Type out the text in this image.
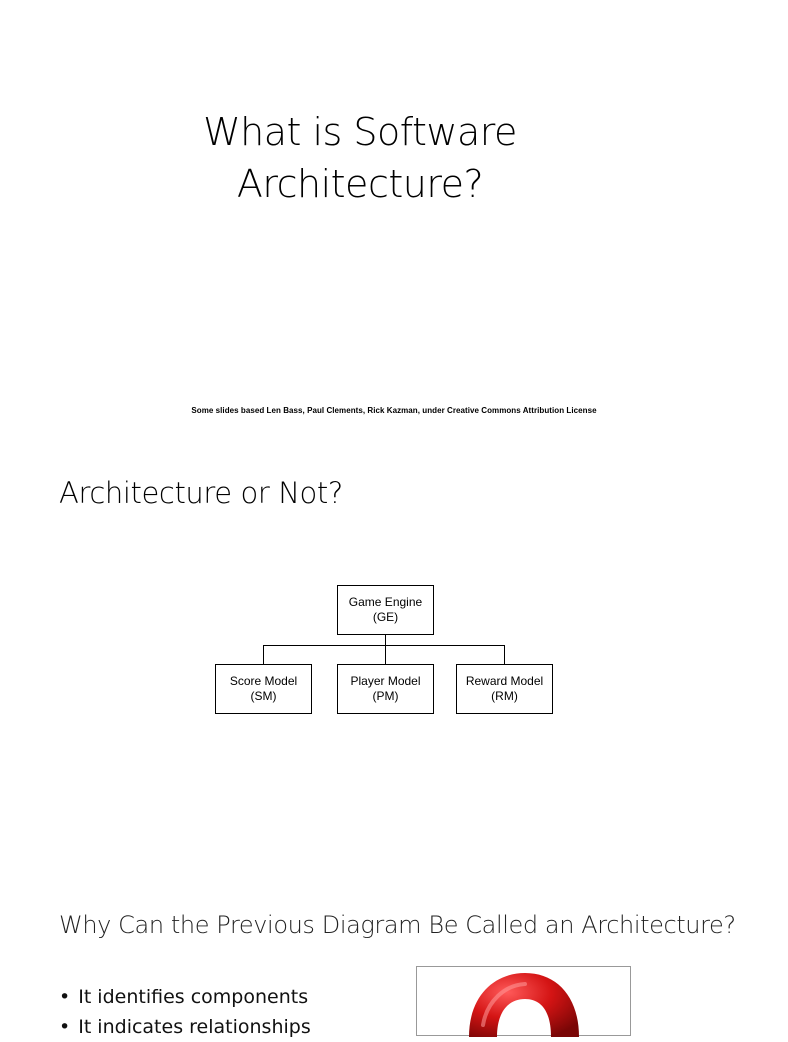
What is Software
Architecture?
Some slides based Len Bass, Paul Clements, Rick Kazman, under Creative Commons Attribution License
Architecture or Not?
Game Engine
(GE)
Score Model
(SM)
Player Model
(PM)
Reward Model
(RM)
Why Can the Previous Diagram Be Called an Architecture?
• It identifies components
• It indicates relationships
